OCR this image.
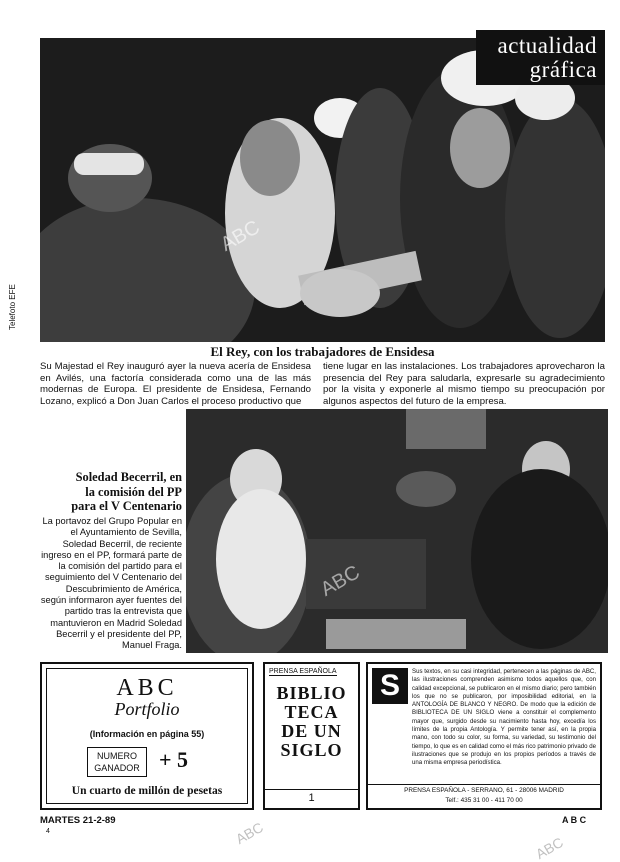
actualidad
gráfica
Telefoto EFE
El Rey, con los trabajadores de Ensidesa
Su Majestad el Rey inauguró ayer la nueva acería de Ensidesa en Avilés, una factoría considerada como una de las más modernas de Europa. El presidente de Ensidesa, Fernando Lozano, explicó a Don Juan Carlos el proceso productivo que
tiene lugar en las instalaciones. Los trabajadores aprovecharon la presencia del Rey para saludarla, expresarle su agradecimiento por la visita y exponerle al mismo tiempo su preocupación por algunos aspectos del futuro de la empresa.
Soledad Becerril, en
la comisión del PP
para el V Centenario
La portavoz del Grupo Popular en el Ayuntamiento de Sevilla, Soledad Becerril, de reciente ingreso en el PP, formará parte de la comisión del partido para el seguimiento del V Centenario del Descubrimiento de América, según informaron ayer fuentes del partido tras la entrevista que mantuvieron en Madrid Soledad Becerril y el presidente del PP, Manuel Fraga.
ABC
Portfolio
(Información en página 55)
NUMERO
GANADOR + 5
Un cuarto de millón de pesetas
PRENSA ESPAÑOLA
BIBLIO
TECA
DE UN
SIGLO
1
S	Sus textos, en su casi integridad, pertenecen a las páginas de ABC, las ilustraciones comprenden asimismo todos aquellos que, con calidad excepcional, se publicaron en el mismo diario; pero también los que no se publicaron, por imposibilidad editorial, en la ANTOLOGÍA DE BLANCO Y NEGRO. De modo que la edición de BIBLIOTECA DE UN SIGLO viene a constituir el complemento mayor que, surgido desde su nacimiento hasta hoy, excedía los límites de la propia Antología. Y permite tener así, en la propia mano, con todo su color, su forma, su variedad, su testimonio del tiempo, lo que es en calidad como el más rico patrimonio privado de ilustraciones que se produjo en los propios períodos a través de una misma empresa periodística.
PRENSA ESPAÑOLA - SERRANO, 61 - 28006 MADRID
Telf.: 435 31 00 - 411 70 00
MARTES 21-2-89
4
A B C
ABC
ABC
ABC
ABC
